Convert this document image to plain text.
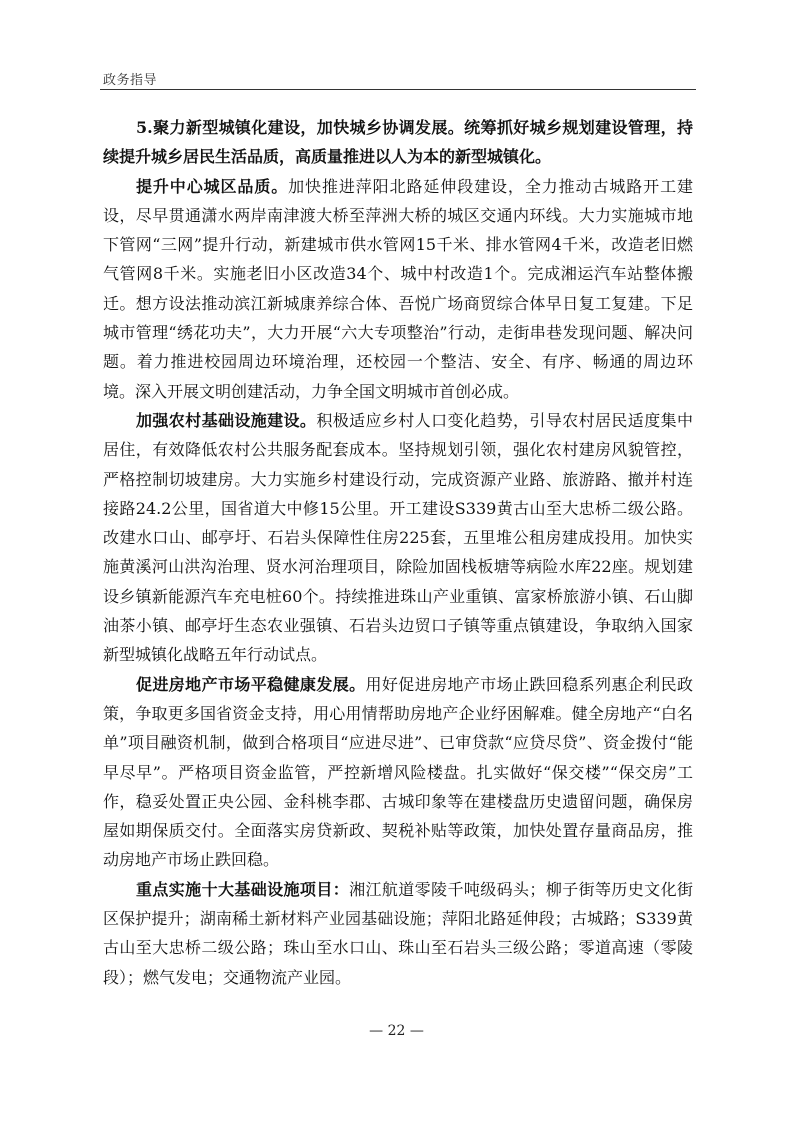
政务指导

5.聚力新型城镇化建设，加快城乡协调发展。统筹抓好城乡规划建设管理，持续提升城乡居民生活品质，高质量推进以人为本的新型城镇化。

提升中心城区品质。加快推进萍阳北路延伸段建设，全力推动古城路开工建设，尽早贯通潇水两岸南津渡大桥至萍洲大桥的城区交通内环线。大力实施城市地下管网“三网”提升行动，新建城市供水管网15千米、排水管网4千米，改造老旧燃气管网8千米。实施老旧小区改造34个、城中村改造1个。完成湘运汽车站整体搬迁。想方设法推动滨江新城康养综合体、吾悦广场商贸综合体早日复工复建。下足城市管理“绣花功夫”，大力开展“六大专项整治”行动，走街串巷发现问题、解决问题。着力推进校园周边环境治理，还校园一个整洁、安全、有序、畅通的周边环境。深入开展文明创建活动，力争全国文明城市首创必成。

加强农村基础设施建设。积极适应乡村人口变化趋势，引导农村居民适度集中居住，有效降低农村公共服务配套成本。坚持规划引领，强化农村建房风貌管控，严格控制切坡建房。大力实施乡村建设行动，完成资源产业路、旅游路、撤并村连接路24.2公里，国省道大中修15公里。开工建设S339黄古山至大忠桥二级公路。改建水口山、邮亭圩、石岩头保障性住房225套，五里堆公租房建成投用。加快实施黄溪河山洪沟治理、贤水河治理项目，除险加固栈板塘等病险水库22座。规划建设乡镇新能源汽车充电桩60个。持续推进珠山产业重镇、富家桥旅游小镇、石山脚油茶小镇、邮亭圩生态农业强镇、石岩头边贸口子镇等重点镇建设，争取纳入国家新型城镇化战略五年行动试点。

促进房地产市场平稳健康发展。用好促进房地产市场止跌回稳系列惠企利民政策，争取更多国省资金支持，用心用情帮助房地产企业纾困解难。健全房地产“白名单”项目融资机制，做到合格项目“应进尽进”、已审贷款“应贷尽贷”、资金拨付“能早尽早”。严格项目资金监管，严控新增风险楼盘。扎实做好“保交楼”“保交房”工作，稳妥处置正央公园、金科桃李郡、古城印象等在建楼盘历史遗留问题，确保房屋如期保质交付。全面落实房贷新政、契税补贴等政策，加快处置存量商品房，推动房地产市场止跌回稳。

重点实施十大基础设施项目：湘江航道零陵千吨级码头；柳子街等历史文化街区保护提升；湖南稀土新材料产业园基础设施；萍阳北路延伸段；古城路；S339黄古山至大忠桥二级公路；珠山至水口山、珠山至石岩头三级公路；零道高速（零陵段）；燃气发电；交通物流产业园。

— 22 —
